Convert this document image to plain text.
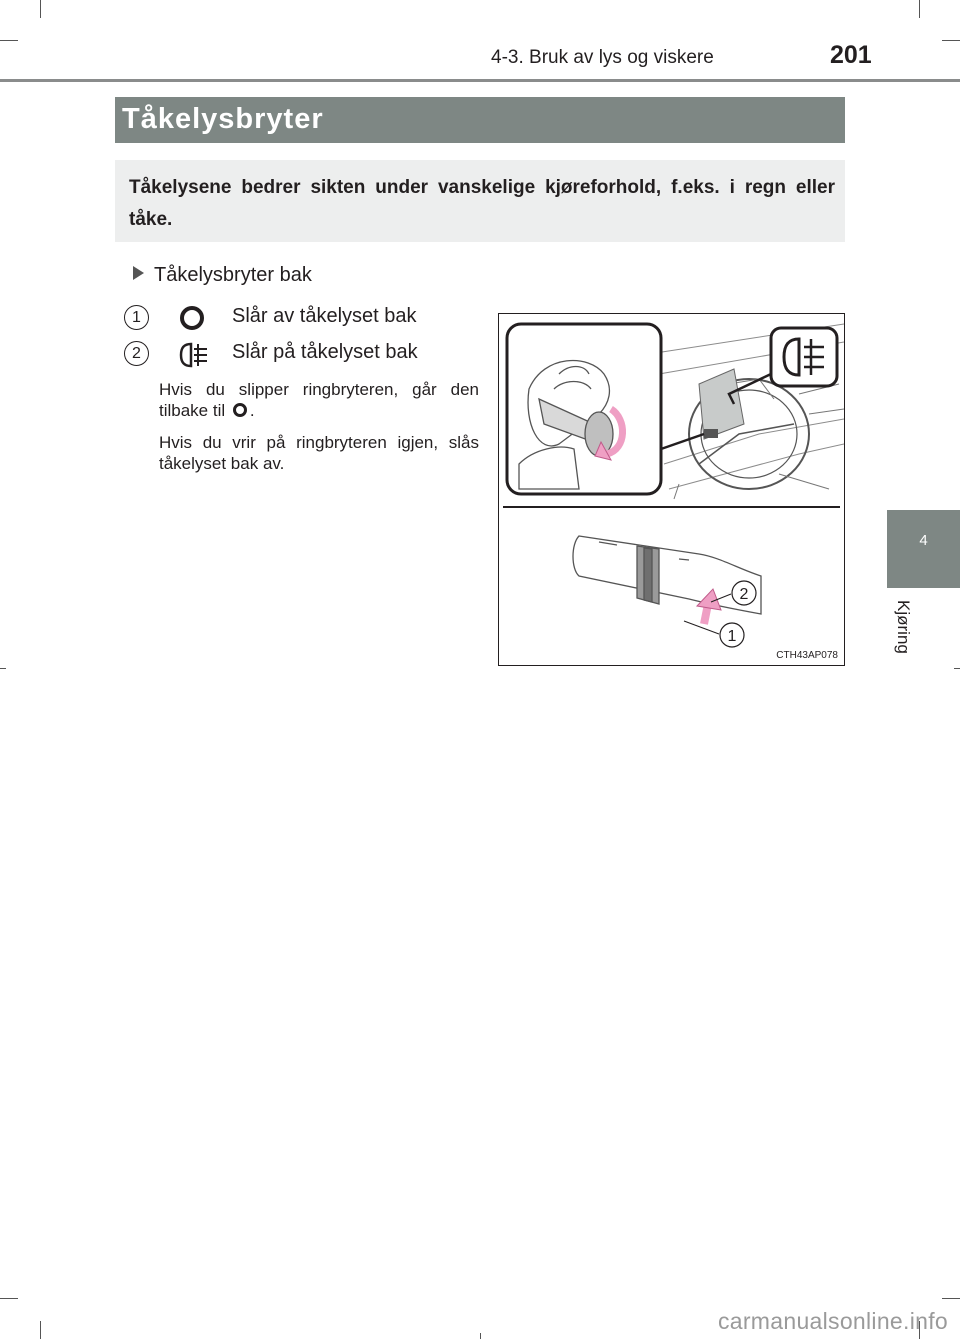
4-3. Bruk av lys og viskere	201
Tåkelysbryter
Tåkelysene bedrer sikten under vanskelige kjøreforhold, f.eks. i regn eller tåke.
Tåkelysbryter bak
1	Slår av tåkelyset bak
2	Slår på tåkelyset bak
Hvis du slipper ringbryteren, går den tilbake til .
Hvis du vrir på ringbryteren igjen, slås tåkelyset bak av.
2
1
CTH43AP078
4
Kjøring
carmanualsonline.info
